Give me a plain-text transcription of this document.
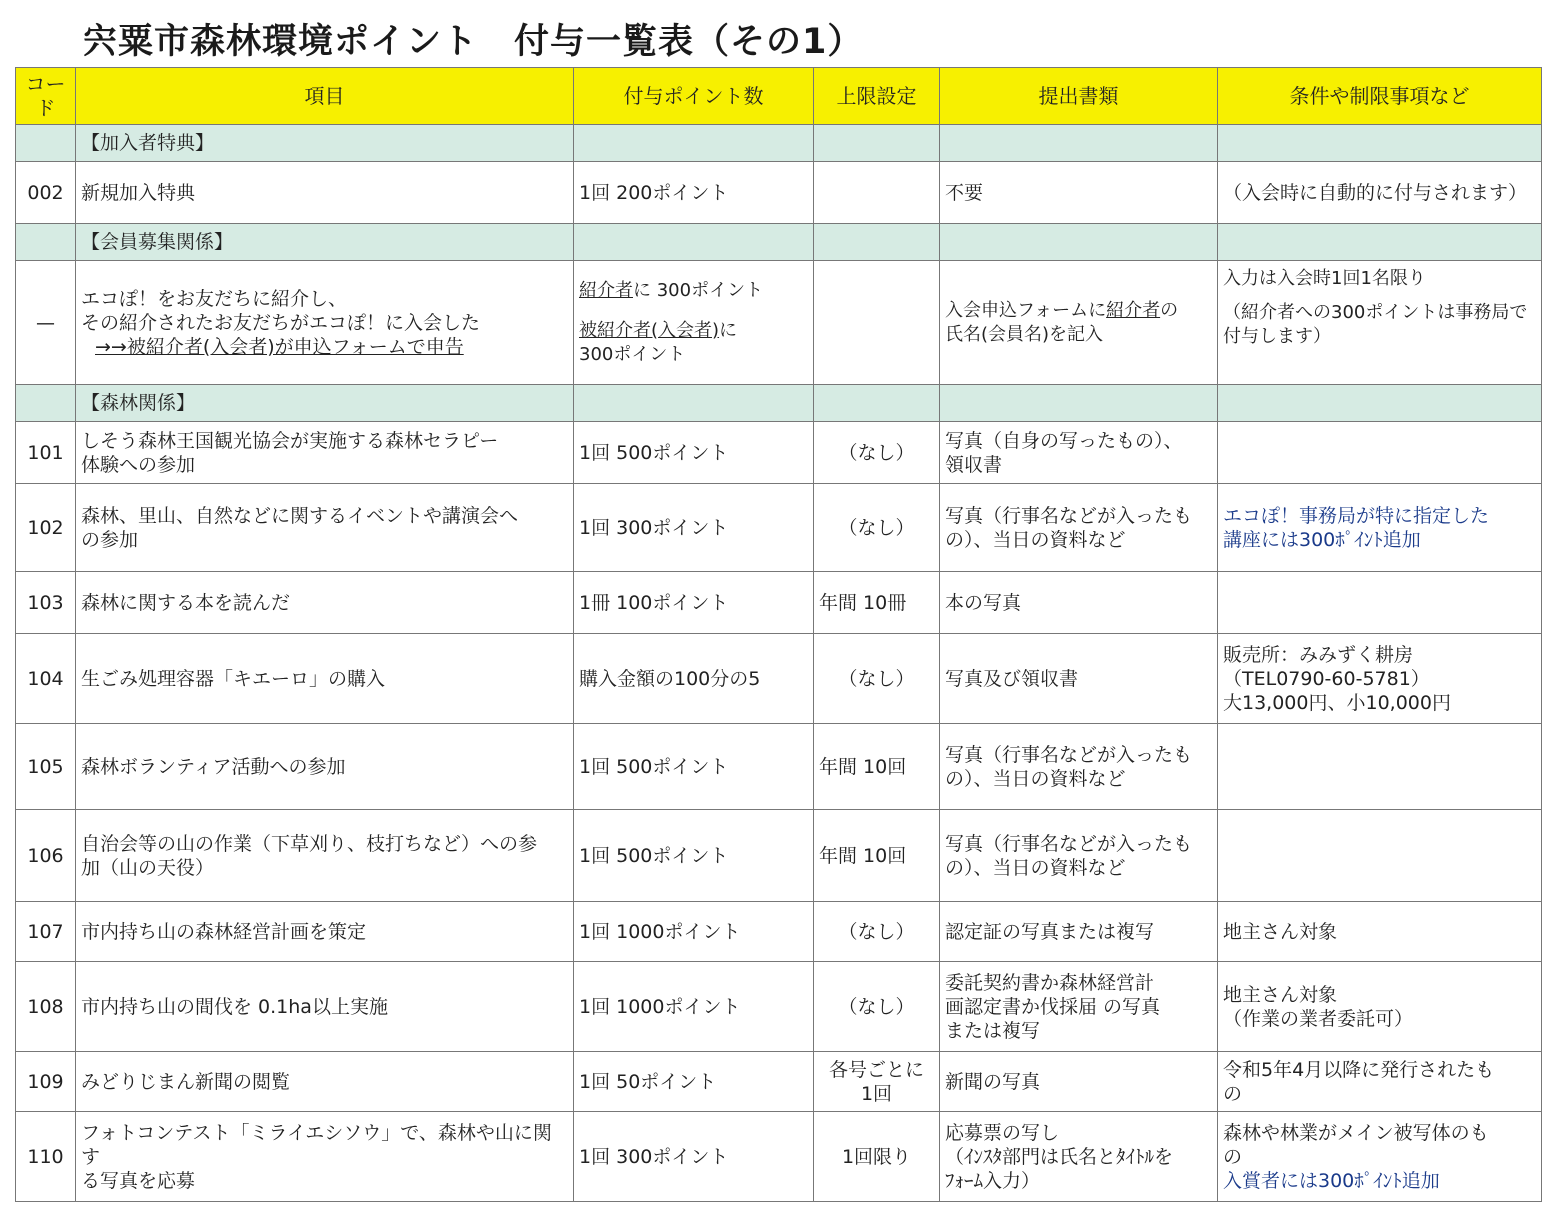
宍粟市森林環境ポイント　付与一覧表（その1）
コード	項目	付与ポイント数	上限設定	提出書類	条件や制限事項など
	【加入者特典】				
002	新規加入特典	1回 200ポイント		不要	（入会時に自動的に付与されます）
	【会員募集関係】				
—	エコぽ！をお友だちに紹介し、
その紹介されたお友だちがエコぽ！に入会した
→→被紹介者(入会者)が申込フォームで申告	紹介者に 300ポイント
被紹介者(入会者)に
300ポイント		入会申込フォームに紹介者の
氏名(会員名)を記入	入力は入会時1回1名限り
（紹介者への300ポイントは事務局で
付与します）

	【森林関係】				
101	しそう森林王国観光協会が実施する森林セラピー
体験への参加	1回 500ポイント	（なし）	写真（自身の写ったもの）、
領収書	

102	森林、里山、自然などに関するイベントや講演会へ
の参加	1回 300ポイント	（なし）	写真（行事名などが入ったも
の）、当日の資料など	エコぽ！事務局が特に指定した
講座には300ﾎﾟｲﾝﾄ追加

103	森林に関する本を読んだ	1冊 100ポイント	年間 10冊	本の写真	
104	生ごみ処理容器「キエーロ」の購入	購入金額の100分の5	（なし）	写真及び領収書	販売所：みみずく耕房
（TEL0790-60-5781）
大13,000円、小10,000円

105	森林ボランティア活動への参加	1回 500ポイント	年間 10回	写真（行事名などが入ったも
の）、当日の資料など	

106	自治会等の山の作業（下草刈り、枝打ちなど）への参
加（山の天役）	1回 500ポイント	年間 10回	写真（行事名などが入ったも
の）、当日の資料など	

107	市内持ち山の森林経営計画を策定	1回 1000ポイント	（なし）	認定証の写真または複写	地主さん対象
108	市内持ち山の間伐を 0.1ha以上実施	1回 1000ポイント	（なし）	委託契約書か森林経営計
画認定書か伐採届 の写真
または複写	地主さん対象
（作業の業者委託可）

109	みどりじまん新聞の閲覧	1回 50ポイント	各号ごとに
1回	新聞の写真	令和5年4月以降に発行されたも
の

110	フォトコンテスト「ミライエシソウ」で、森林や山に関す
る写真を応募	1回 300ポイント	1回限り	応募票の写し
（ｲﾝｽﾀ部門は氏名とﾀｲﾄﾙを
ﾌｫｰﾑ入力）	森林や林業がメイン被写体のも
の
入賞者には300ﾎﾟｲﾝﾄ追加
